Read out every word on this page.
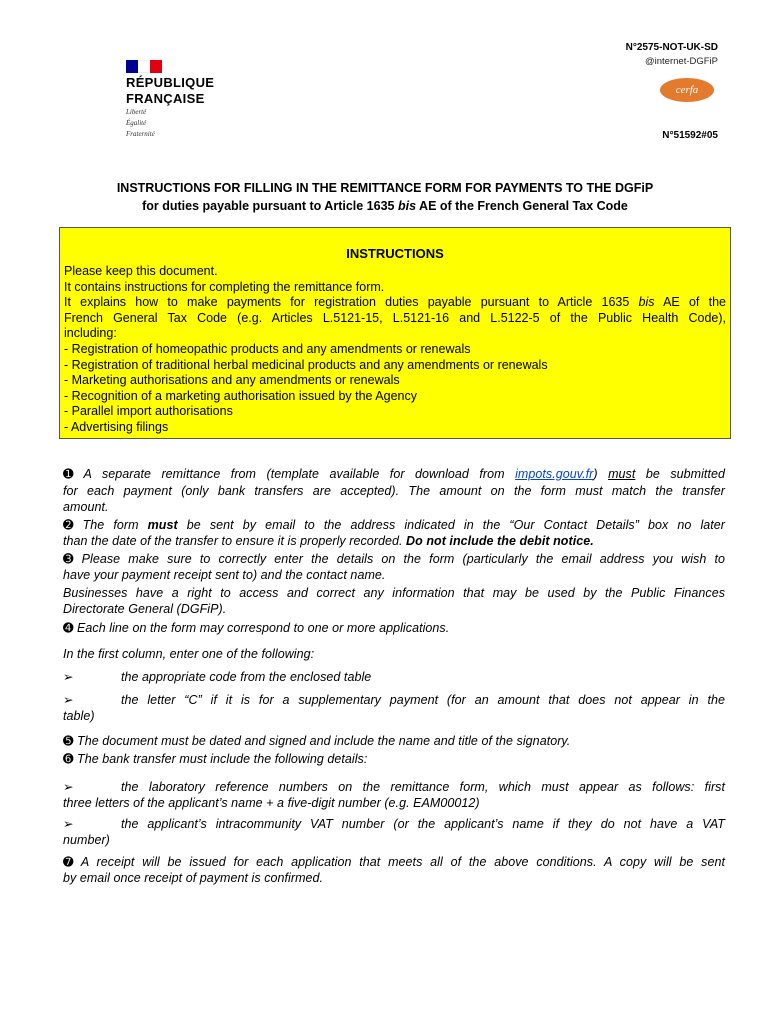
RÉPUBLIQUE
FRANÇAISE
Liberté
Égalité
Fraternité
N°2575-NOT-UK-SD
@internet-DGFiP
cerfa
N°51592#05
INSTRUCTIONS FOR FILLING IN THE REMITTANCE FORM FOR PAYMENTS TO THE DGFiP
for duties payable pursuant to Article 1635 bis AE of the French General Tax Code
INSTRUCTIONS
Please keep this document.
It contains instructions for completing the remittance form.
It explains how to make payments for registration duties payable pursuant to Article 1635 bis AE of the
French General Tax Code (e.g. Articles L.5121-15, L.5121-16 and L.5122-5 of the Public Health Code),
including:
- Registration of homeopathic products and any amendments or renewals
- Registration of traditional herbal medicinal products and any amendments or renewals
- Marketing authorisations and any amendments or renewals
- Recognition of a marketing authorisation issued by the Agency
- Parallel import authorisations
- Advertising filings
➊ A separate remittance from (template available for download from impots.gouv.fr) must be submitted
for each payment (only bank transfers are accepted). The amount on the form must match the transfer
amount.
➋ The form must be sent by email to the address indicated in the “Our Contact Details” box no later
than the date of the transfer to ensure it is properly recorded. Do not include the debit notice.
➌ Please make sure to correctly enter the details on the form (particularly the email address you wish to
have your payment receipt sent to) and the contact name.
Businesses have a right to access and correct any information that may be used by the Public Finances
Directorate General (DGFiP).
➍ Each line on the form may correspond to one or more applications.
In the first column, enter one of the following:
➢	the appropriate code from the enclosed table
➢	the letter “C” if it is for a supplementary payment (for an amount that does not appear in the
table)
➎ The document must be dated and signed and include the name and title of the signatory.
➏ The bank transfer must include the following details:
➢	the laboratory reference numbers on the remittance form, which must appear as follows: first
three letters of the applicant’s name + a five-digit number (e.g. EAM00012)
➢	the applicant’s intracommunity VAT number (or the applicant’s name if they do not have a VAT
number)
➐ A receipt will be issued for each application that meets all of the above conditions. A copy will be sent
by email once receipt of payment is confirmed.
